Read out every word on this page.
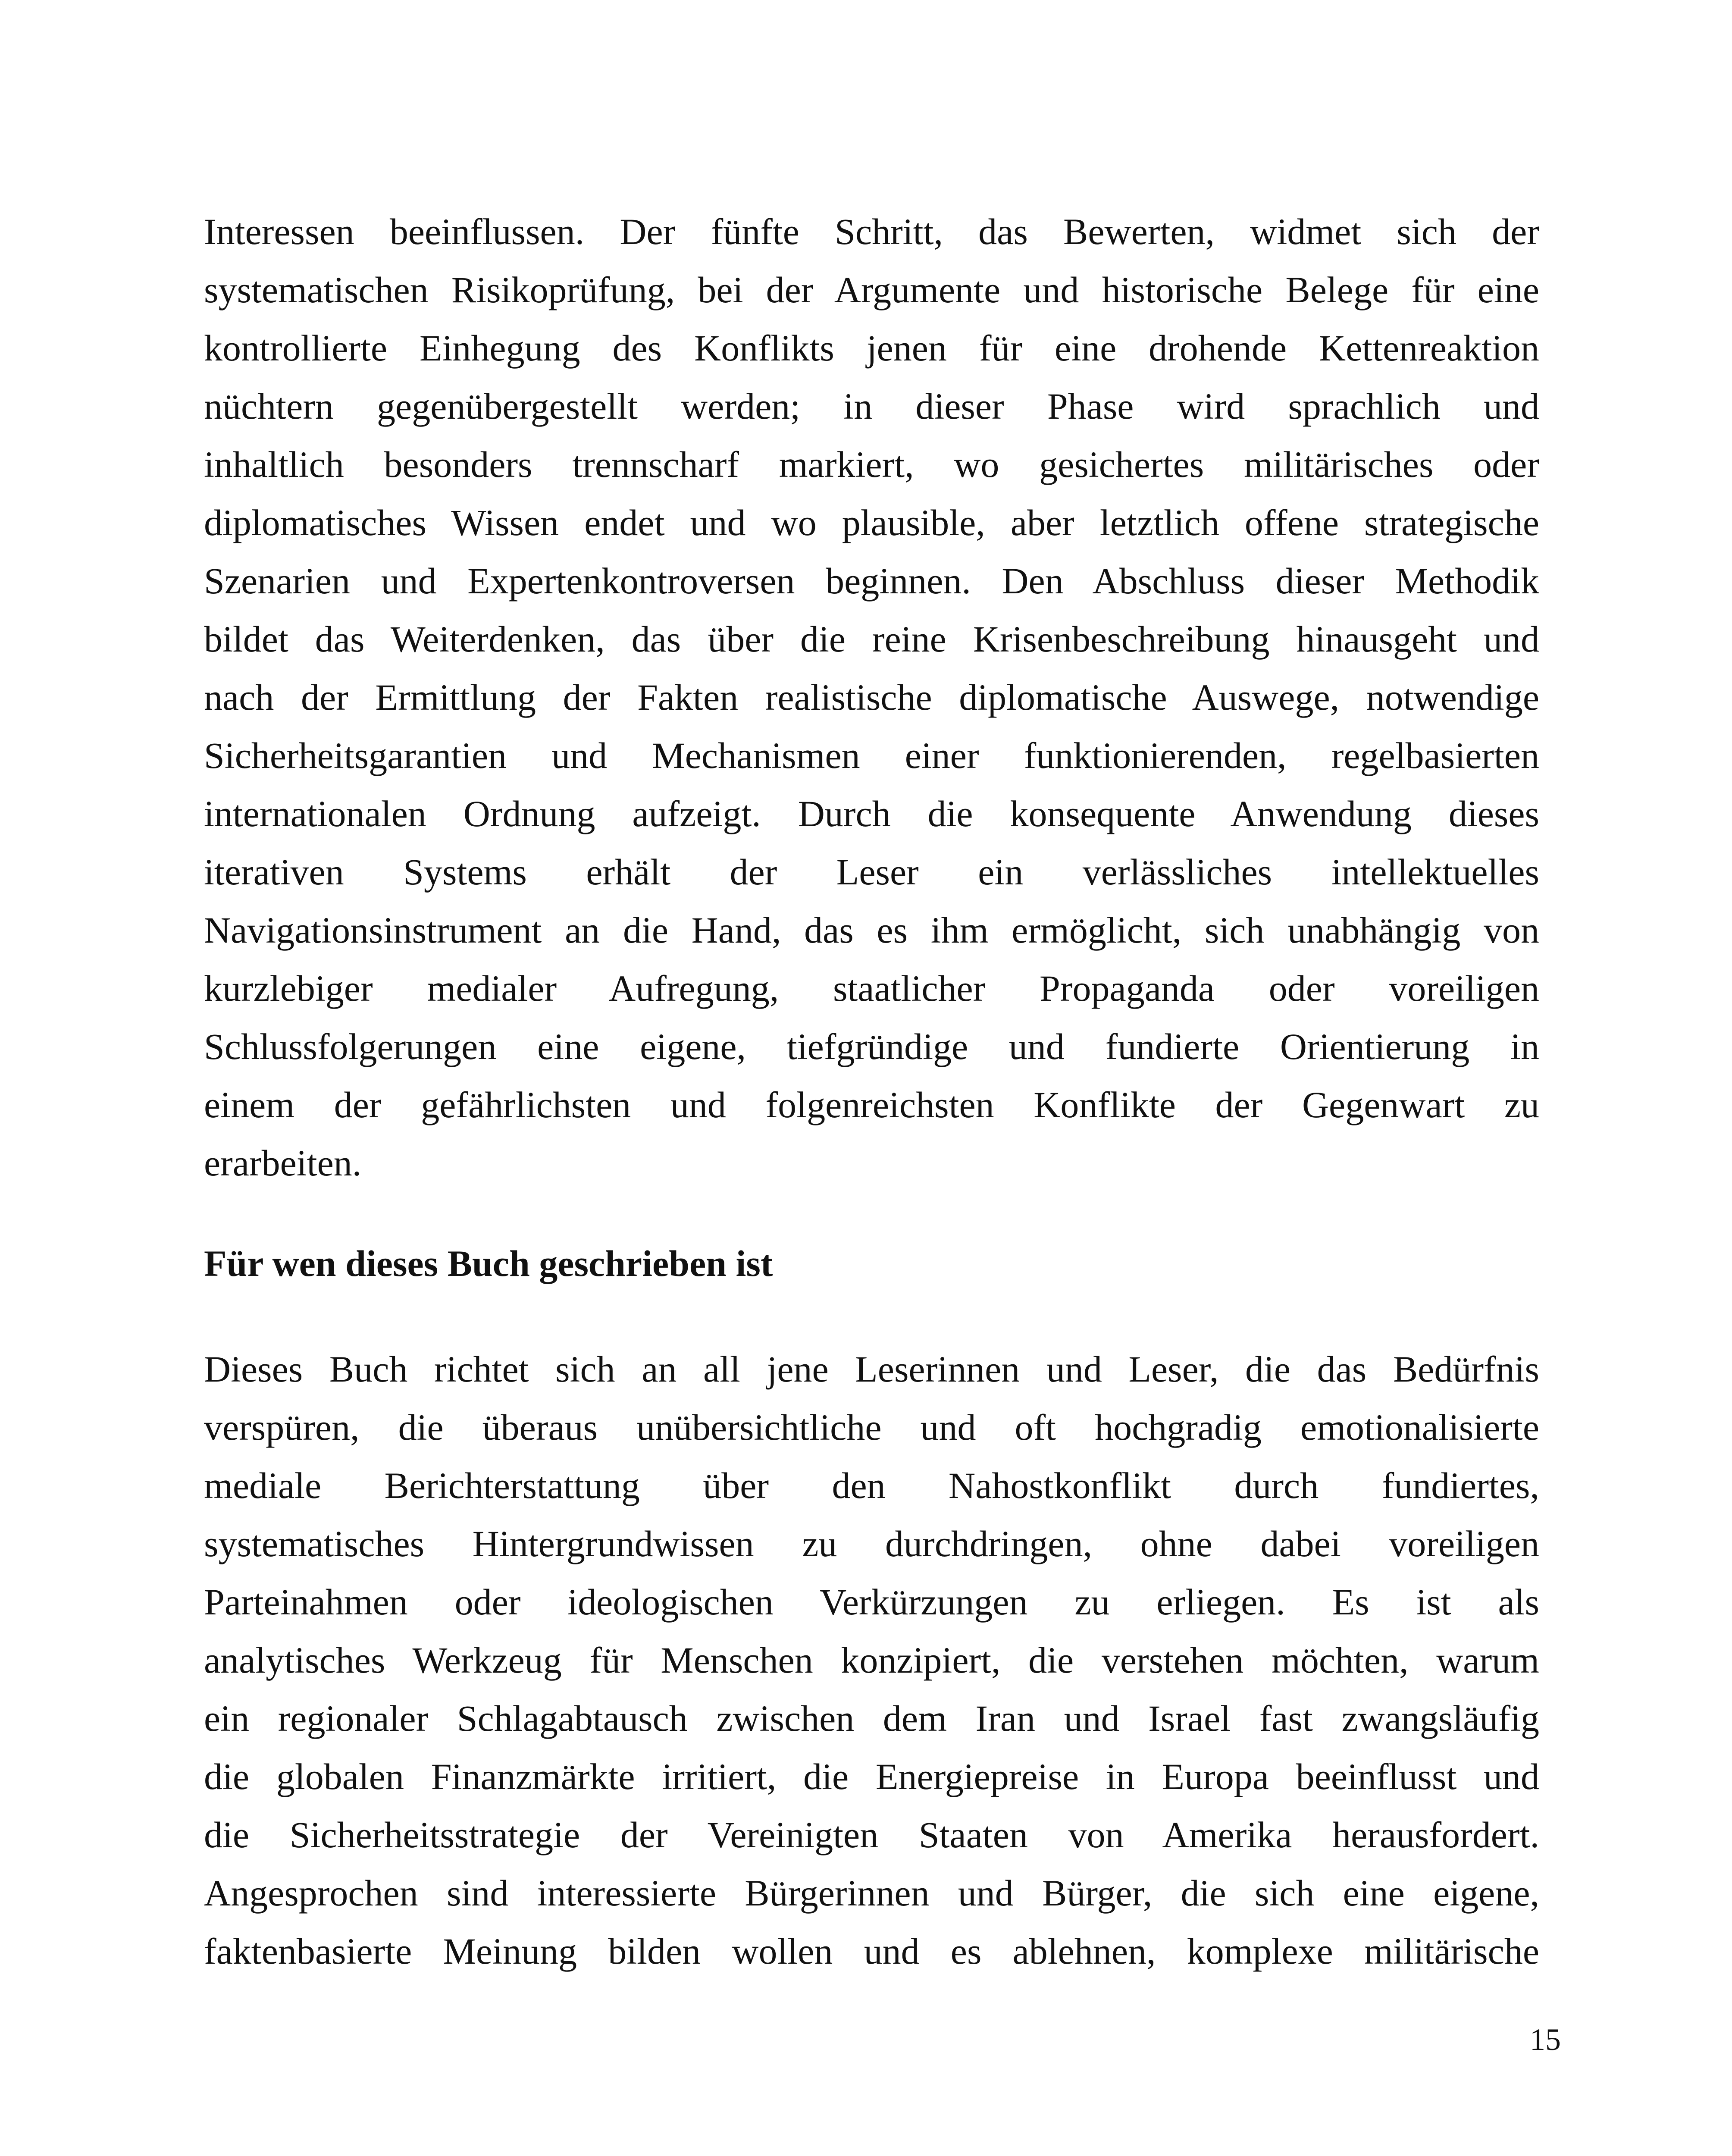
Interessen beeinflussen. Der fünfte Schritt, das Bewerten, widmet sich der
systematischen Risikoprüfung, bei der Argumente und historische Belege für eine
kontrollierte Einhegung des Konflikts jenen für eine drohende Kettenreaktion
nüchtern gegenübergestellt werden; in dieser Phase wird sprachlich und
inhaltlich besonders trennscharf markiert, wo gesichertes militärisches oder
diplomatisches Wissen endet und wo plausible, aber letztlich offene strategische
Szenarien und Expertenkontroversen beginnen. Den Abschluss dieser Methodik
bildet das Weiterdenken, das über die reine Krisenbeschreibung hinausgeht und
nach der Ermittlung der Fakten realistische diplomatische Auswege, notwendige
Sicherheitsgarantien und Mechanismen einer funktionierenden, regelbasierten
internationalen Ordnung aufzeigt. Durch die konsequente Anwendung dieses
iterativen Systems erhält der Leser ein verlässliches intellektuelles
Navigationsinstrument an die Hand, das es ihm ermöglicht, sich unabhängig von
kurzlebiger medialer Aufregung, staatlicher Propaganda oder voreiligen
Schlussfolgerungen eine eigene, tiefgründige und fundierte Orientierung in
einem der gefährlichsten und folgenreichsten Konflikte der Gegenwart zu
erarbeiten.
Für wen dieses Buch geschrieben ist
Dieses Buch richtet sich an all jene Leserinnen und Leser, die das Bedürfnis
verspüren, die überaus unübersichtliche und oft hochgradig emotionalisierte
mediale Berichterstattung über den Nahostkonflikt durch fundiertes,
systematisches Hintergrundwissen zu durchdringen, ohne dabei voreiligen
Parteinahmen oder ideologischen Verkürzungen zu erliegen. Es ist als
analytisches Werkzeug für Menschen konzipiert, die verstehen möchten, warum
ein regionaler Schlagabtausch zwischen dem Iran und Israel fast zwangsläufig
die globalen Finanzmärkte irritiert, die Energiepreise in Europa beeinflusst und
die Sicherheitsstrategie der Vereinigten Staaten von Amerika herausfordert.
Angesprochen sind interessierte Bürgerinnen und Bürger, die sich eine eigene,
faktenbasierte Meinung bilden wollen und es ablehnen, komplexe militärische
15
